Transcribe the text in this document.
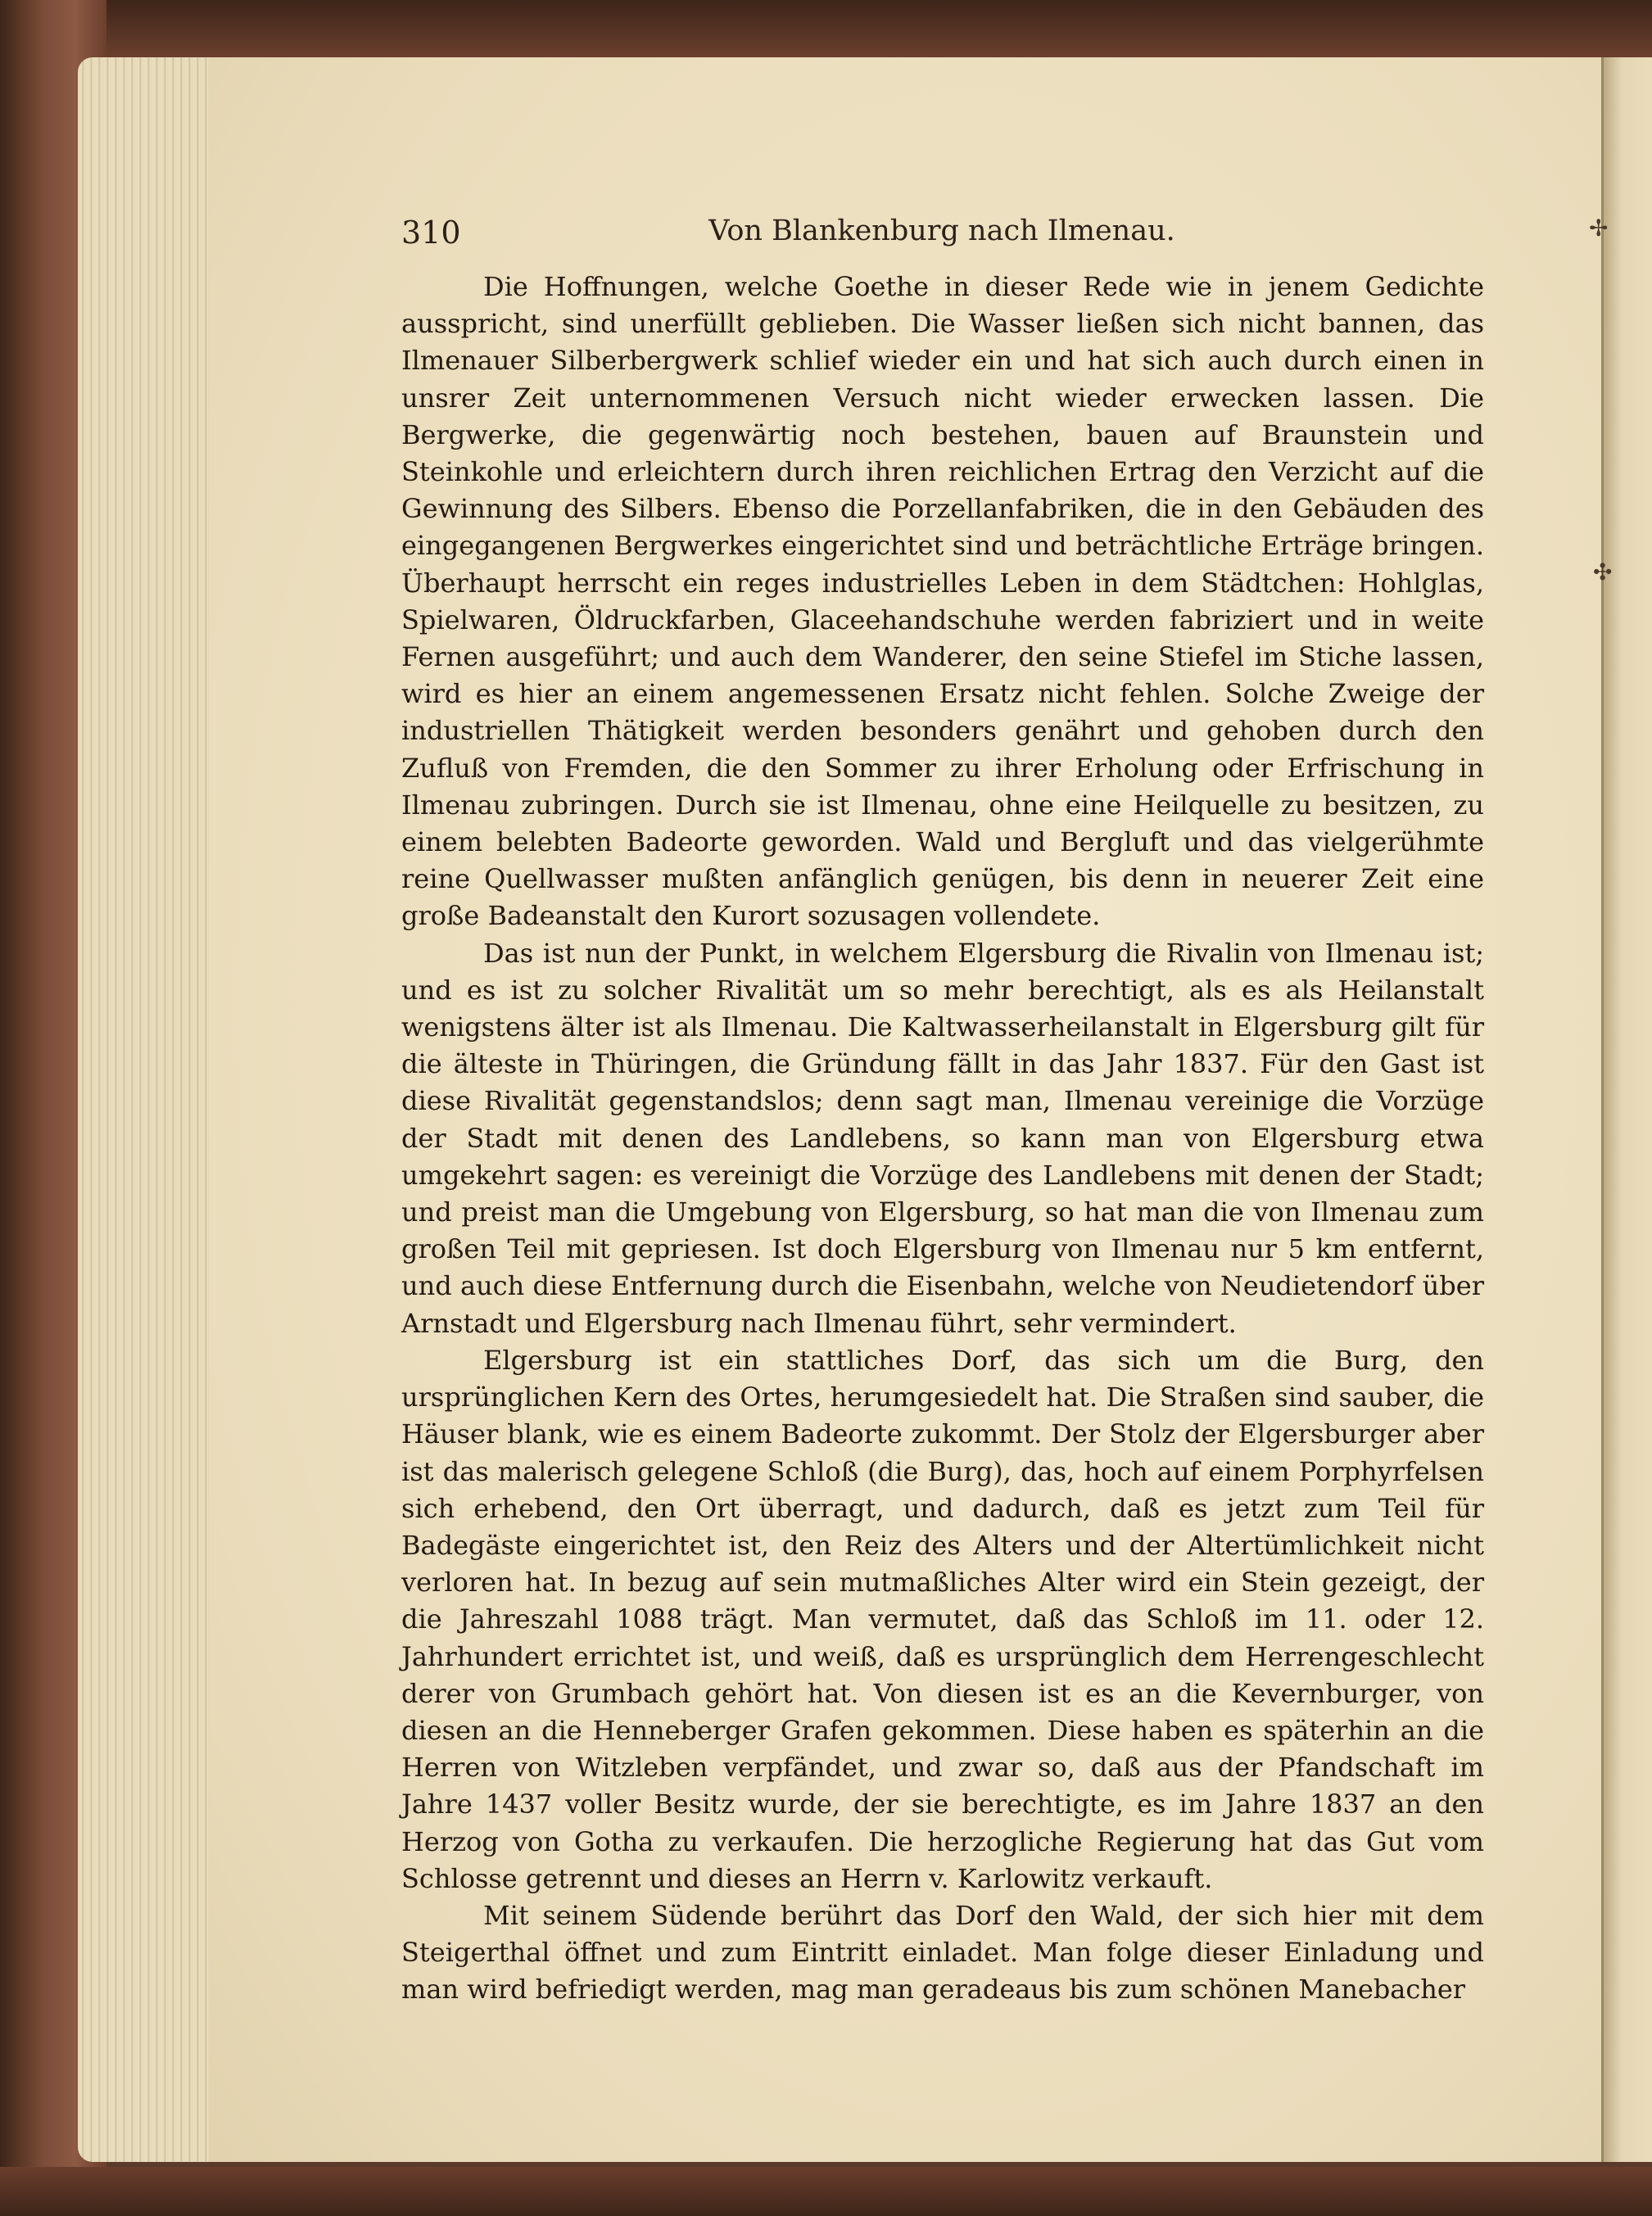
✢
✣
310	Von Blankenburg nach Ilmenau.

Die Hoffnungen, welche Goethe in dieser Rede wie in jenem Gedichte ausspricht, sind unerfüllt geblieben. Die Wasser ließen sich nicht bannen, das Ilmenauer Silberbergwerk schlief wieder ein und hat sich auch durch einen in unsrer Zeit unternommenen Versuch nicht wieder erwecken lassen. Die Bergwerke, die gegenwärtig noch bestehen, bauen auf Braunstein und Steinkohle und erleichtern durch ihren reichlichen Ertrag den Verzicht auf die Gewinnung des Silbers. Ebenso die Porzellanfabriken, die in den Gebäuden des eingegangenen Bergwerkes eingerichtet sind und beträchtliche Erträge bringen. Überhaupt herrscht ein reges industrielles Leben in dem Städtchen: Hohlglas, Spielwaren, Öldruckfarben, Glaceehandschuhe werden fabriziert und in weite Fernen ausgeführt; und auch dem Wanderer, den seine Stiefel im Stiche lassen, wird es hier an einem angemessenen Ersatz nicht fehlen. Solche Zweige der industriellen Thätigkeit werden besonders genährt und gehoben durch den Zufluß von Fremden, die den Sommer zu ihrer Erholung oder Erfrischung in Ilmenau zubringen. Durch sie ist Ilmenau, ohne eine Heilquelle zu besitzen, zu einem belebten Badeorte geworden. Wald und Bergluft und das vielgerühmte reine Quellwasser mußten anfänglich genügen, bis denn in neuerer Zeit eine große Badeanstalt den Kurort sozusagen vollendete.

Das ist nun der Punkt, in welchem Elgersburg die Rivalin von Ilmenau ist; und es ist zu solcher Rivalität um so mehr berechtigt, als es als Heilanstalt wenigstens älter ist als Ilmenau. Die Kaltwasserheilanstalt in Elgersburg gilt für die älteste in Thüringen, die Gründung fällt in das Jahr 1837. Für den Gast ist diese Rivalität gegenstandslos; denn sagt man, Ilmenau vereinige die Vorzüge der Stadt mit denen des Landlebens, so kann man von Elgersburg etwa umgekehrt sagen: es vereinigt die Vorzüge des Landlebens mit denen der Stadt; und preist man die Umgebung von Elgersburg, so hat man die von Ilmenau zum großen Teil mit gepriesen. Ist doch Elgersburg von Ilmenau nur 5 km entfernt, und auch diese Entfernung durch die Eisenbahn, welche von Neudietendorf über Arnstadt und Elgersburg nach Ilmenau führt, sehr vermindert.

Elgersburg ist ein stattliches Dorf, das sich um die Burg, den ursprünglichen Kern des Ortes, herumgesiedelt hat. Die Straßen sind sauber, die Häuser blank, wie es einem Badeorte zukommt. Der Stolz der Elgersburger aber ist das malerisch gelegene Schloß (die Burg), das, hoch auf einem Porphyrfelsen sich erhebend, den Ort überragt, und dadurch, daß es jetzt zum Teil für Badegäste eingerichtet ist, den Reiz des Alters und der Altertümlichkeit nicht verloren hat. In bezug auf sein mutmaßliches Alter wird ein Stein gezeigt, der die Jahreszahl 1088 trägt. Man vermutet, daß das Schloß im 11. oder 12. Jahrhundert errichtet ist, und weiß, daß es ursprünglich dem Herrengeschlecht derer von Grumbach gehört hat. Von diesen ist es an die Kevernburger, von diesen an die Henneberger Grafen gekommen. Diese haben es späterhin an die Herren von Witzleben verpfändet, und zwar so, daß aus der Pfandschaft im Jahre 1437 voller Besitz wurde, der sie berechtigte, es im Jahre 1837 an den Herzog von Gotha zu verkaufen. Die herzogliche Regierung hat das Gut vom Schlosse getrennt und dieses an Herrn v. Karlowitz verkauft.

Mit seinem Südende berührt das Dorf den Wald, der sich hier mit dem Steigerthal öffnet und zum Eintritt einladet. Man folge dieser Einladung und man wird befriedigt werden, mag man geradeaus bis zum schönen Manebacher
